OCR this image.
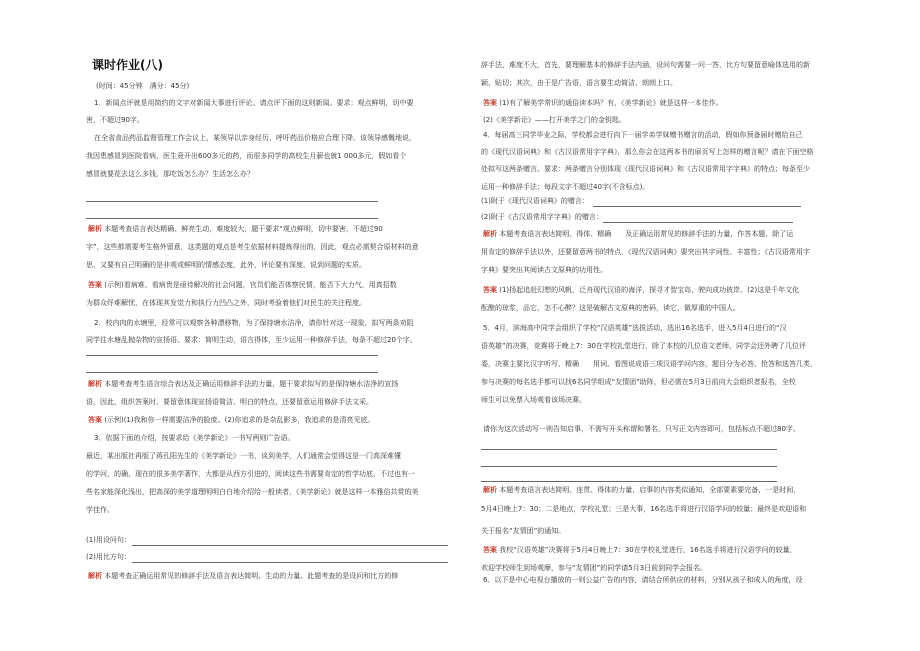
课时作业(八)
(时间：45分钟　满分：45分)
1．新闻点评就是用简约的文字对新闻大事进行评论。请点评下面的这则新闻。要求：观点鲜明，切中要
害，不超过90字。
在全省食品药品监督管理工作会议上，某领导以亲身经历，呼吁药品价格应合理下降，该领导感慨地说，
我因患感冒到医院看病，医生竟开出600多元的药，而很多同学的高校生月薪也就1 000多元，假如看个
感冒就要花去这么多钱，那吃饭怎么办？生活怎么办？
解析 本题考查语言表达精确、鲜亮生动，难度较大，题干要求“观点鲜明，切中要害，不超过90
字”，这些都需要考生格外留意，这类题的观点是考生依据材料提炼得出的，因此，观点必需契合原材料的意
思，又要有自己明确的是非观或鲜明的情感态度，此外，评论要有深度，说到问题的实质。
答案 (示例)看病难、看病贵是亟待解决的社会问题，官员们能否体察民情，能否下大力气，用真招数
为群众纾难解忧，在体现其发觉力和执行力凹凸之外，同时考验着他们对民生的关注程度。
2．校内肉的水塘里，经常可以观察各种漂移物，为了保持塘水洁净，请你针对这一现象，拟写两条劝阻
同学往水塘乱抛杂物的宣扬语。要求：简明生动，语言得体，至少运用一种修辞手法，每条不超过20个字。
解析 本题考查考生语言综合表达及正确运用修辞手法的力量，题干要求拟写的是保持塘水洁净的宣扬
语，因此，组织答案时，要留意体现宣扬语简洁、明白的特点，还要留意运用修辞手法文采。
答案 (示例)(1)我和你一样需要洁净的脸庞。(2)你追求的是杂乱影多，我追求的是清亮见底。
3．依据下面的介绍，按要求给《美学新论》一书写两则广告语。
最近，某出版社再版了蒋孔阳先生的《美学新论》一书，谈到美学，人们通常会觉得这是一门高深难懂
的学问，的确，现在的很多美学著作，大都是从西方引进的，阅读这些书需要肯定的哲学功底，不过也有一
些名家能深化浅出，把高深的美学道理明明白白地介绍给一般读者，《美学新论》就是这样一本雅俗共赏的美
学佳作。
(1)用设问句：
(2)用比方句：
解析 本题考查正确运用常见的修辞手法及语言表达简明、生动的力量。此题考查的是设问和比方的修
辞手法，难度不大，首先，要理解基本的修辞手法内涵，设问句需要一问一答，比方句要留意喻体选用的新
颖、贴切；其次，由于是广告语，语言要生动简洁、朗朗上口。
答案 (1)有了解美学常识的通俗读本吗？有，《美学新论》就是这样一本佳作。
(2)《美学新论》——打开美学之门的金钥匙。
4．每届高三同学毕业之际，学校都会进行向下一届学弟学妹赠书赠言的活动，假如你预备届时赠给自己
的《现代汉语词典》和《古汉语常用字字典》，那么你会在这两本书的扉页写上怎样的赠言呢？请在下面空格
处拟写这两条赠言。要求：两条赠言分别体现《现代汉语词典》和《古汉语常用字字典》的特点；每条至少
运用一种修辞手法；每段文字不超过40字(不含标点)。
(1)附于《现代汉语词典》的赠言：
(2)附于《古汉语常用字字典》的赠言：
解析 本题考查语言表达简明、得体、精确　　及正确运用常见的修辞手法的力量，作答本题，除了运
用肯定的修辞手法以外，还要留意两书的特点，《现代汉语词典》要突出其字词性、丰富性；《古汉语常用字
字典》要突出其阅读古文原典的功用性。
答案 (1)扬起追赶幻想的风帆，泛舟现代汉语的海洋，探寻才智宝岛，驶向成功彼岸。(2)这是千年文化
酝酿的琼浆，品它，怎不心醉？这是破解古文原典的密码，读它，做厚重的中国人。
5．4月，滨海高中同学会组织了学校“汉语英雄”选拔活动，选出16名选手，进入5月4日进行的“汉
语英雄”的决赛，竞赛将于晚上7：30在学校礼堂进行，除了本校的几位语文老师，同学会还外聘了几位评
委，决赛主要比汉字听写、精确　　用词、看图说成语三项汉语学问内容，题目分为必答、抢答和选答几类，
参与决赛的每名选手都可以找6名同学组成“友情团”助阵，但必需在5月3日前向大会组织者报名，全校
师生可以免票入场观看该场决赛。
请你为这次活动写一则告知启事，不需写开头称谓和署名，只写正文内容即可，包括标点不超过80字。
解析 本题考查语言表达简明、连贯、得体的力量，启事的内容类似通知，全部要素要完备，一是时间，
5月4日晚上7：30；二是地点，学校礼堂；三是大事，16名选手将进行汉语学问的较量；最终是欢迎语和
关于报名“友情团”的通知。
答案 我校“汉语英雄”决赛将于5月4日晚上7：30在学校礼堂进行，16名选手将进行汉语学问的较量，
欢迎学校师生到场观摩，参与“友情团”的同学请5月3日前到同学会报名。
6．以下是中心电视台播放的一则公益广告的内容，请结合所供应的材料，分别从孩子和成人的角度，设
